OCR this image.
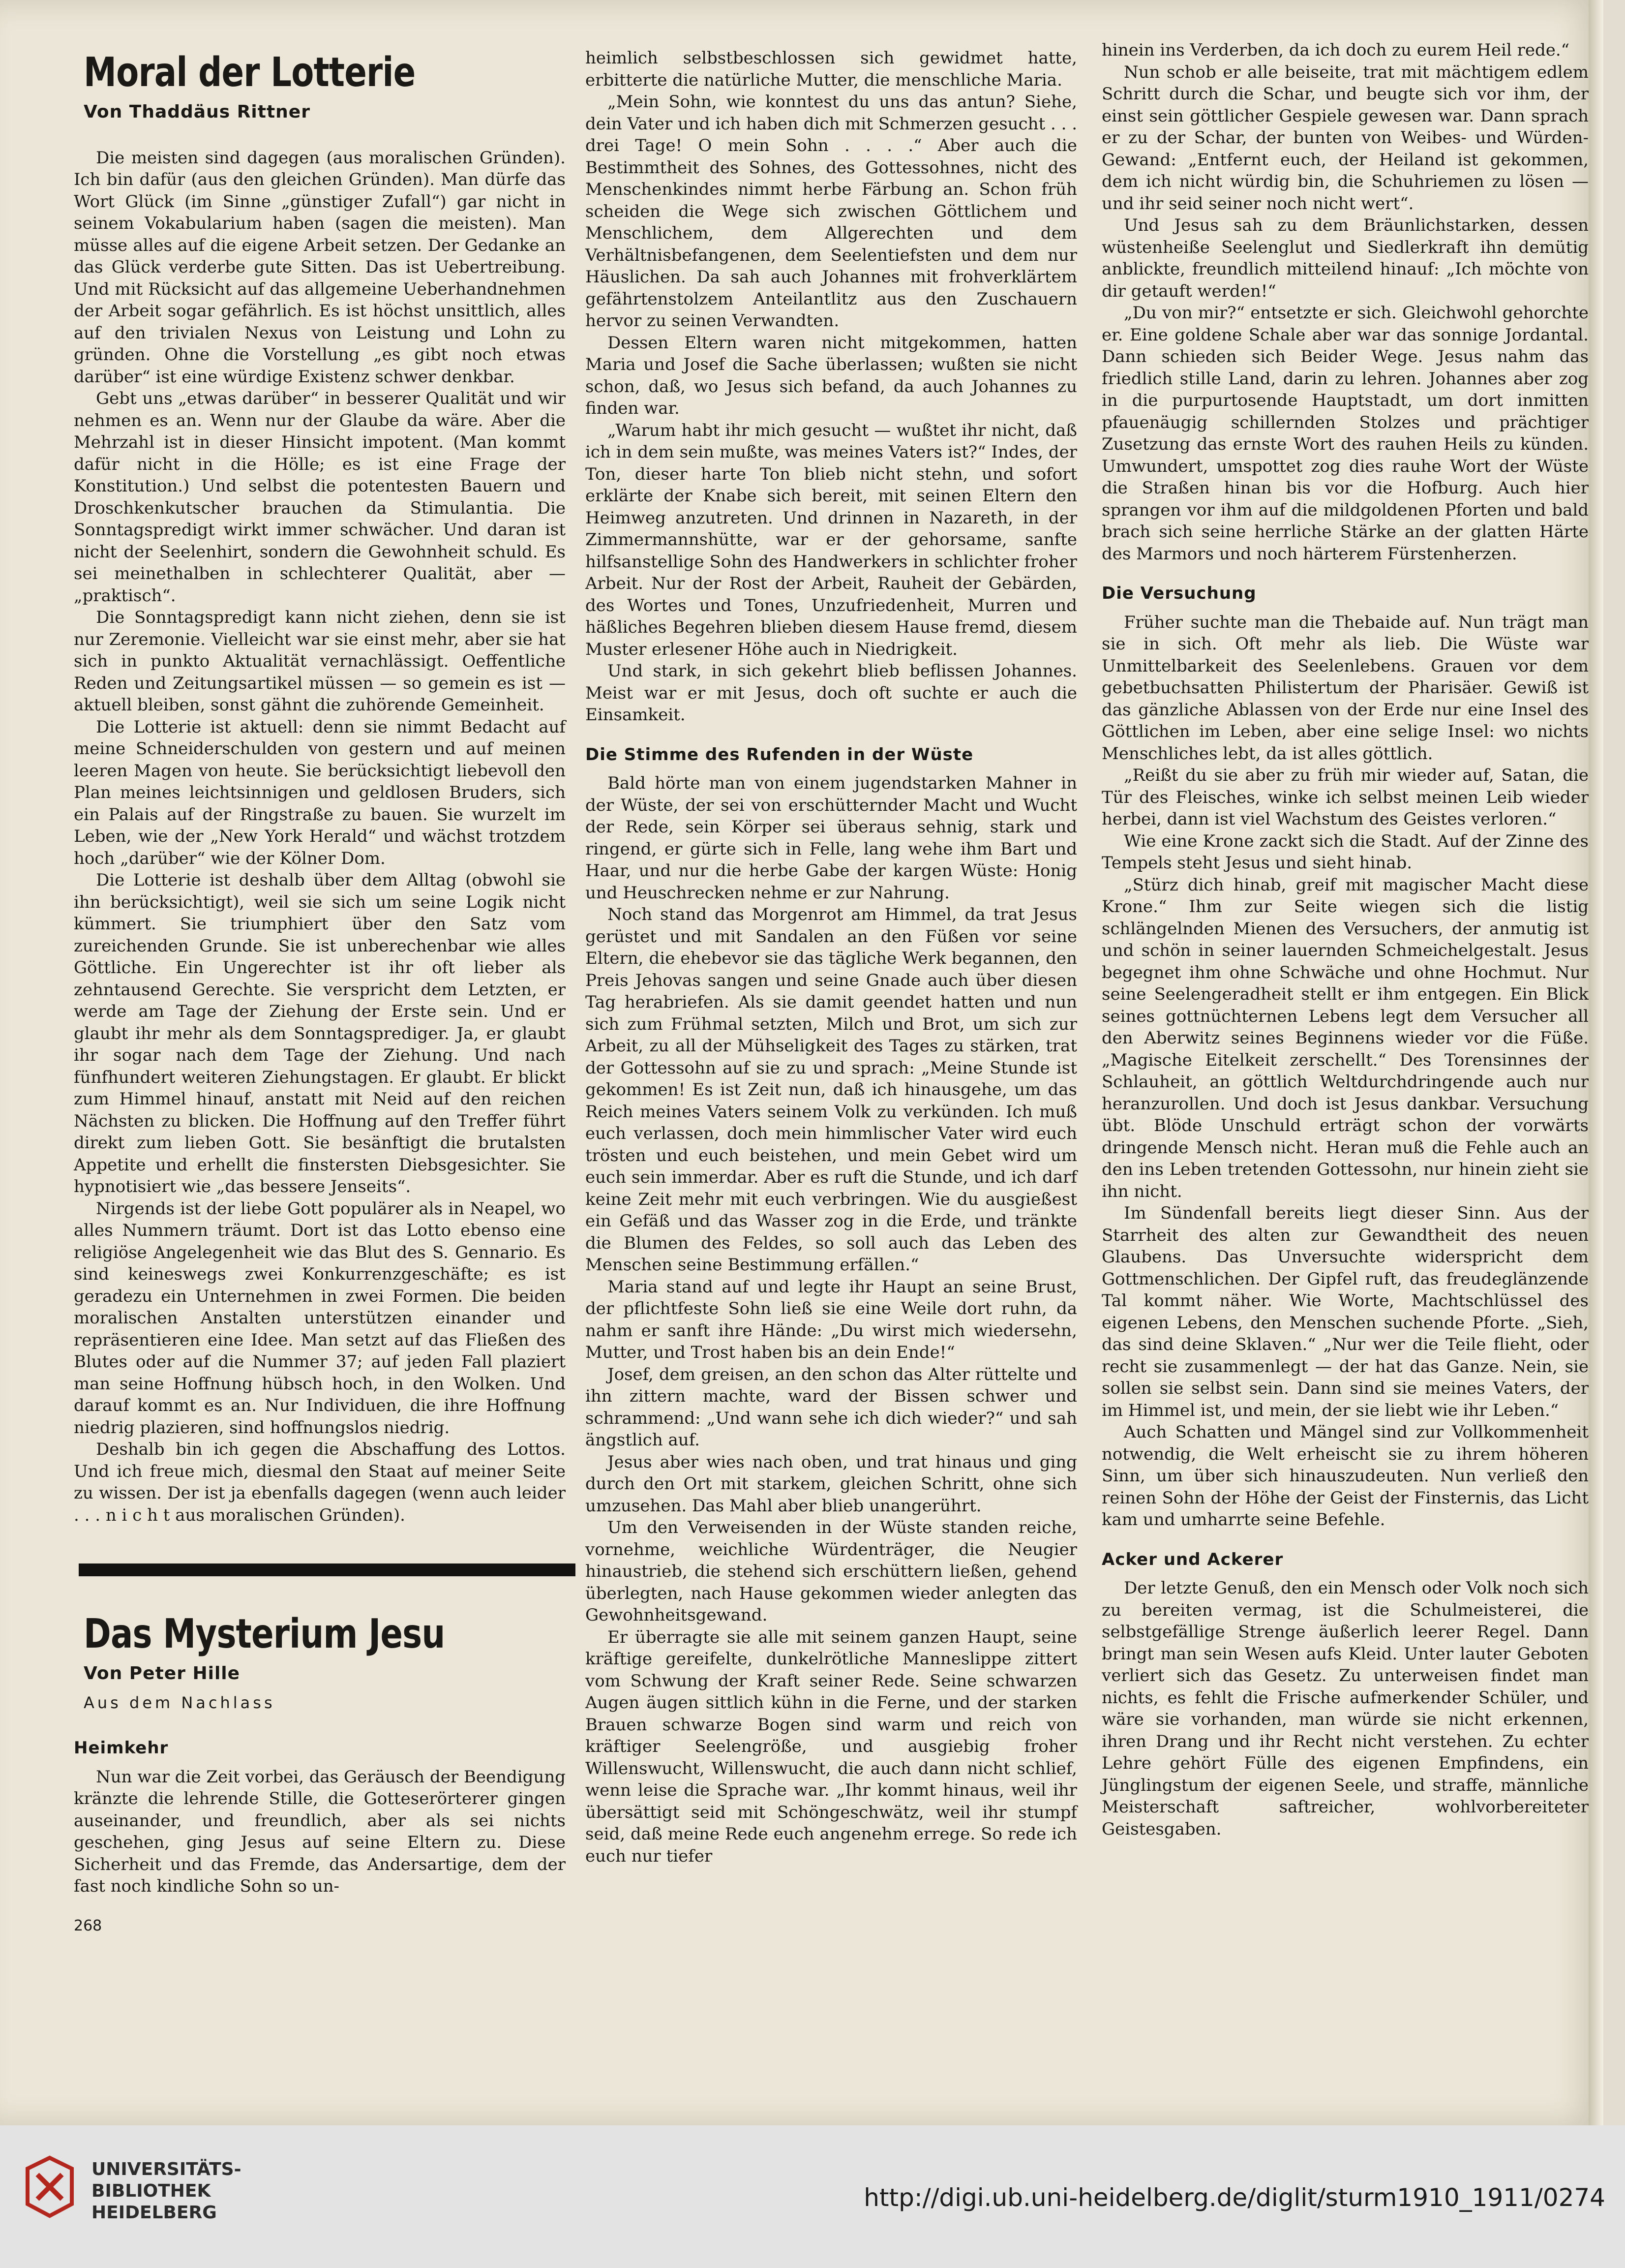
Moral der Lotterie
Von Thaddäus Rittner

Die meisten sind dagegen (aus moralischen Gründen). Ich bin dafür (aus den gleichen Gründen). Man dürfe das Wort Glück (im Sinne „günstiger Zufall“) gar nicht in seinem Vokabularium haben (sagen die meisten). Man müsse alles auf die eigene Arbeit setzen. Der Gedanke an das Glück verderbe gute Sitten. Das ist Uebertreibung. Und mit Rücksicht auf das allgemeine Ueberhandnehmen der Arbeit sogar gefährlich. Es ist höchst unsittlich, alles auf den trivialen Nexus von Leistung und Lohn zu gründen. Ohne die Vorstellung „es gibt noch etwas darüber“ ist eine würdige Existenz schwer denkbar.

Gebt uns „etwas darüber“ in besserer Qualität und wir nehmen es an. Wenn nur der Glaube da wäre. Aber die Mehrzahl ist in dieser Hinsicht impotent. (Man kommt dafür nicht in die Hölle; es ist eine Frage der Konstitution.) Und selbst die potentesten Bauern und Droschkenkutscher brauchen da Stimulantia. Die Sonntagspredigt wirkt immer schwächer. Und daran ist nicht der Seelenhirt, sondern die Gewohnheit schuld. Es sei meinethalben in schlechterer Qualität, aber — „praktisch“.

Die Sonntagspredigt kann nicht ziehen, denn sie ist nur Zeremonie. Vielleicht war sie einst mehr, aber sie hat sich in punkto Aktualität vernachlässigt. Oeffentliche Reden und Zeitungsartikel müssen — so gemein es ist — aktuell bleiben, sonst gähnt die zuhörende Gemeinheit.

Die Lotterie ist aktuell: denn sie nimmt Bedacht auf meine Schneiderschulden von gestern und auf meinen leeren Magen von heute. Sie berücksichtigt liebevoll den Plan meines leichtsinnigen und geldlosen Bruders, sich ein Palais auf der Ringstraße zu bauen. Sie wurzelt im Leben, wie der „New York Herald“ und wächst trotzdem hoch „darüber“ wie der Kölner Dom.

Die Lotterie ist deshalb über dem Alltag (obwohl sie ihn berücksichtigt), weil sie sich um seine Logik nicht kümmert. Sie triumphiert über den Satz vom zureichenden Grunde. Sie ist unberechenbar wie alles Göttliche. Ein Ungerechter ist ihr oft lieber als zehntausend Gerechte. Sie verspricht dem Letzten, er werde am Tage der Ziehung der Erste sein. Und er glaubt ihr mehr als dem Sonntagsprediger. Ja, er glaubt ihr sogar nach dem Tage der Ziehung. Und nach fünfhundert weiteren Ziehungstagen. Er glaubt. Er blickt zum Himmel hinauf, anstatt mit Neid auf den reichen Nächsten zu blicken. Die Hoffnung auf den Treffer führt direkt zum lieben Gott. Sie besänftigt die brutalsten Appetite und erhellt die finstersten Diebsgesichter. Sie hypnotisiert wie „das bessere Jenseits“.

Nirgends ist der liebe Gott populärer als in Neapel, wo alles Nummern träumt. Dort ist das Lotto ebenso eine religiöse Angelegenheit wie das Blut des S. Gennario. Es sind keineswegs zwei Konkurrenzgeschäfte; es ist geradezu ein Unternehmen in zwei Formen. Die beiden moralischen Anstalten unterstützen einander und repräsentieren eine Idee. Man setzt auf das Fließen des Blutes oder auf die Nummer 37; auf jeden Fall plaziert man seine Hoffnung hübsch hoch, in den Wolken. Und darauf kommt es an. Nur Individuen, die ihre Hoffnung niedrig plazieren, sind hoffnungslos niedrig.

Deshalb bin ich gegen die Abschaffung des Lottos. Und ich freue mich, diesmal den Staat auf meiner Seite zu wissen. Der ist ja ebenfalls dagegen (wenn auch leider . . . n i c h t aus moralischen Gründen).

Das Mysterium Jesu
Von Peter Hille
Aus dem Nachlass
Heimkehr

Nun war die Zeit vorbei, das Geräusch der Beendigung kränzte die lehrende Stille, die Gotteserörterer gingen auseinander, und freundlich, aber als sei nichts geschehen, ging Jesus auf seine Eltern zu. Diese Sicherheit und das Fremde, das Andersartige, dem der fast noch kindliche Sohn so un-

268

heimlich selbstbeschlossen sich gewidmet hatte, erbitterte die natürliche Mutter, die menschliche Maria.

„Mein Sohn, wie konntest du uns das antun? Siehe, dein Vater und ich haben dich mit Schmerzen gesucht . . . drei Tage! O mein Sohn . . . .“ Aber auch die Bestimmtheit des Sohnes, des Gottessohnes, nicht des Menschenkindes nimmt herbe Färbung an. Schon früh scheiden die Wege sich zwischen Göttlichem und Menschlichem, dem Allgerechten und dem Verhältnisbefangenen, dem Seelentiefsten und dem nur Häuslichen. Da sah auch Johannes mit frohverklärtem gefährtenstolzem Anteilantlitz aus den Zuschauern hervor zu seinen Verwandten.

Dessen Eltern waren nicht mitgekommen, hatten Maria und Josef die Sache überlassen; wußten sie nicht schon, daß, wo Jesus sich befand, da auch Johannes zu finden war.

„Warum habt ihr mich gesucht — wußtet ihr nicht, daß ich in dem sein mußte, was meines Vaters ist?“ Indes, der Ton, dieser harte Ton blieb nicht stehn, und sofort erklärte der Knabe sich bereit, mit seinen Eltern den Heimweg anzutreten. Und drinnen in Nazareth, in der Zimmermannshütte, war er der gehorsame, sanfte hilfsanstellige Sohn des Handwerkers in schlichter froher Arbeit. Nur der Rost der Arbeit, Rauheit der Gebärden, des Wortes und Tones, Unzufriedenheit, Murren und häßliches Begehren blieben diesem Hause fremd, diesem Muster erlesener Höhe auch in Niedrigkeit.

Und stark, in sich gekehrt blieb beflissen Johannes. Meist war er mit Jesus, doch oft suchte er auch die Einsamkeit.

Die Stimme des Rufenden in der Wüste

Bald hörte man von einem jugendstarken Mahner in der Wüste, der sei von erschütternder Macht und Wucht der Rede, sein Körper sei überaus sehnig, stark und ringend, er gürte sich in Felle, lang wehe ihm Bart und Haar, und nur die herbe Gabe der kargen Wüste: Honig und Heuschrecken nehme er zur Nahrung.

Noch stand das Morgenrot am Himmel, da trat Jesus gerüstet und mit Sandalen an den Füßen vor seine Eltern, die ehebevor sie das tägliche Werk begannen, den Preis Jehovas sangen und seine Gnade auch über diesen Tag herabriefen. Als sie damit geendet hatten und nun sich zum Frühmal setzten, Milch und Brot, um sich zur Arbeit, zu all der Mühseligkeit des Tages zu stärken, trat der Gottessohn auf sie zu und sprach: „Meine Stunde ist gekommen! Es ist Zeit nun, daß ich hinausgehe, um das Reich meines Vaters seinem Volk zu verkünden. Ich muß euch verlassen, doch mein himmlischer Vater wird euch trösten und euch beistehen, und mein Gebet wird um euch sein immerdar. Aber es ruft die Stunde, und ich darf keine Zeit mehr mit euch verbringen. Wie du ausgießest ein Gefäß und das Wasser zog in die Erde, und tränkte die Blumen des Feldes, so soll auch das Leben des Menschen seine Bestimmung erfällen.“

Maria stand auf und legte ihr Haupt an seine Brust, der pflichtfeste Sohn ließ sie eine Weile dort ruhn, da nahm er sanft ihre Hände: „Du wirst mich wiedersehn, Mutter, und Trost haben bis an dein Ende!“

Josef, dem greisen, an den schon das Alter rüttelte und ihn zittern machte, ward der Bissen schwer und schrammend: „Und wann sehe ich dich wieder?“ und sah ängstlich auf.

Jesus aber wies nach oben, und trat hinaus und ging durch den Ort mit starkem, gleichen Schritt, ohne sich umzusehen. Das Mahl aber blieb unangerührt.

Um den Verweisenden in der Wüste standen reiche, vornehme, weichliche Würdenträger, die Neugier hinaustrieb, die stehend sich erschüttern ließen, gehend überlegten, nach Hause gekommen wieder anlegten das Gewohnheitsgewand.

Er überragte sie alle mit seinem ganzen Haupt, seine kräftige gereifelte, dunkelrötliche Manneslippe zittert vom Schwung der Kraft seiner Rede. Seine schwarzen Augen äugen sittlich kühn in die Ferne, und der starken Brauen schwarze Bogen sind warm und reich von kräftiger Seelengröße, und ausgiebig froher Willenswucht, Willenswucht, die auch dann nicht schlief, wenn leise die Sprache war. „Ihr kommt hinaus, weil ihr übersättigt seid mit Schöngeschwätz, weil ihr stumpf seid, daß meine Rede euch angenehm errege. So rede ich euch nur tiefer

hinein ins Verderben, da ich doch zu eurem Heil rede.“

Nun schob er alle beiseite, trat mit mächtigem edlem Schritt durch die Schar, und beugte sich vor ihm, der einst sein göttlicher Gespiele gewesen war. Dann sprach er zu der Schar, der bunten von Weibes- und Würden-Gewand: „Entfernt euch, der Heiland ist gekommen, dem ich nicht würdig bin, die Schuhriemen zu lösen — und ihr seid seiner noch nicht wert“.

Und Jesus sah zu dem Bräunlichstarken, dessen wüstenheiße Seelenglut und Siedlerkraft ihn demütig anblickte, freundlich mitteilend hinauf: „Ich möchte von dir getauft werden!“

„Du von mir?“ entsetzte er sich. Gleichwohl gehorchte er. Eine goldene Schale aber war das sonnige Jordantal. Dann schieden sich Beider Wege. Jesus nahm das friedlich stille Land, darin zu lehren. Johannes aber zog in die purpurtosende Hauptstadt, um dort inmitten pfauenäugig schillernden Stolzes und prächtiger Zusetzung das ernste Wort des rauhen Heils zu künden. Umwundert, umspottet zog dies rauhe Wort der Wüste die Straßen hinan bis vor die Hofburg. Auch hier sprangen vor ihm auf die mildgoldenen Pforten und bald brach sich seine herrliche Stärke an der glatten Härte des Marmors und noch härterem Fürstenherzen.

Die Versuchung

Früher suchte man die Thebaide auf. Nun trägt man sie in sich. Oft mehr als lieb. Die Wüste war Unmittelbarkeit des Seelenlebens. Grauen vor dem gebetbuchsatten Philistertum der Pharisäer. Gewiß ist das gänzliche Ablassen von der Erde nur eine Insel des Göttlichen im Leben, aber eine selige Insel: wo nichts Menschliches lebt, da ist alles göttlich.

„Reißt du sie aber zu früh mir wieder auf, Satan, die Tür des Fleisches, winke ich selbst meinen Leib wieder herbei, dann ist viel Wachstum des Geistes verloren.“

Wie eine Krone zackt sich die Stadt. Auf der Zinne des Tempels steht Jesus und sieht hinab.

„Stürz dich hinab, greif mit magischer Macht diese Krone.“ Ihm zur Seite wiegen sich die listig schlängelnden Mienen des Versuchers, der anmutig ist und schön in seiner lauernden Schmeichelgestalt. Jesus begegnet ihm ohne Schwäche und ohne Hochmut. Nur seine Seelengeradheit stellt er ihm entgegen. Ein Blick seines gottnüchternen Lebens legt dem Versucher all den Aberwitz seines Beginnens wieder vor die Füße. „Magische Eitelkeit zerschellt.“ Des Torensinnes der Schlauheit, an göttlich Weltdurchdringende auch nur heranzurollen. Und doch ist Jesus dankbar. Versuchung übt. Blöde Unschuld erträgt schon der vorwärts dringende Mensch nicht. Heran muß die Fehle auch an den ins Leben tretenden Gottessohn, nur hinein zieht sie ihn nicht.

Im Sündenfall bereits liegt dieser Sinn. Aus der Starrheit des alten zur Gewandtheit des neuen Glaubens. Das Unversuchte widerspricht dem Gottmenschlichen. Der Gipfel ruft, das freudeglänzende Tal kommt näher. Wie Worte, Machtschlüssel des eigenen Lebens, den Menschen suchende Pforte. „Sieh, das sind deine Sklaven.“ „Nur wer die Teile flieht, oder recht sie zusammenlegt — der hat das Ganze. Nein, sie sollen sie selbst sein. Dann sind sie meines Vaters, der im Himmel ist, und mein, der sie liebt wie ihr Leben.“

Auch Schatten und Mängel sind zur Vollkommenheit notwendig, die Welt erheischt sie zu ihrem höheren Sinn, um über sich hinauszudeuten. Nun verließ den reinen Sohn der Höhe der Geist der Finsternis, das Licht kam und umharrte seine Befehle.

Acker und Ackerer

Der letzte Genuß, den ein Mensch oder Volk noch sich zu bereiten vermag, ist die Schulmeisterei, die selbstgefällige Strenge äußerlich leerer Regel. Dann bringt man sein Wesen aufs Kleid. Unter lauter Geboten verliert sich das Gesetz. Zu unterweisen findet man nichts, es fehlt die Frische aufmerkender Schüler, und wäre sie vorhanden, man würde sie nicht erkennen, ihren Drang und ihr Recht nicht verstehen. Zu echter Lehre gehört Fülle des eigenen Empfindens, ein Jünglingstum der eigenen Seele, und straffe, männliche Meisterschaft saftreicher, wohlvorbereiteter Geistesgaben.

UNIVERSITÄTS-
BIBLIOTHEK
HEIDELBERG
http://digi.ub.uni-heidelberg.de/diglit/sturm1910_1911/0274
